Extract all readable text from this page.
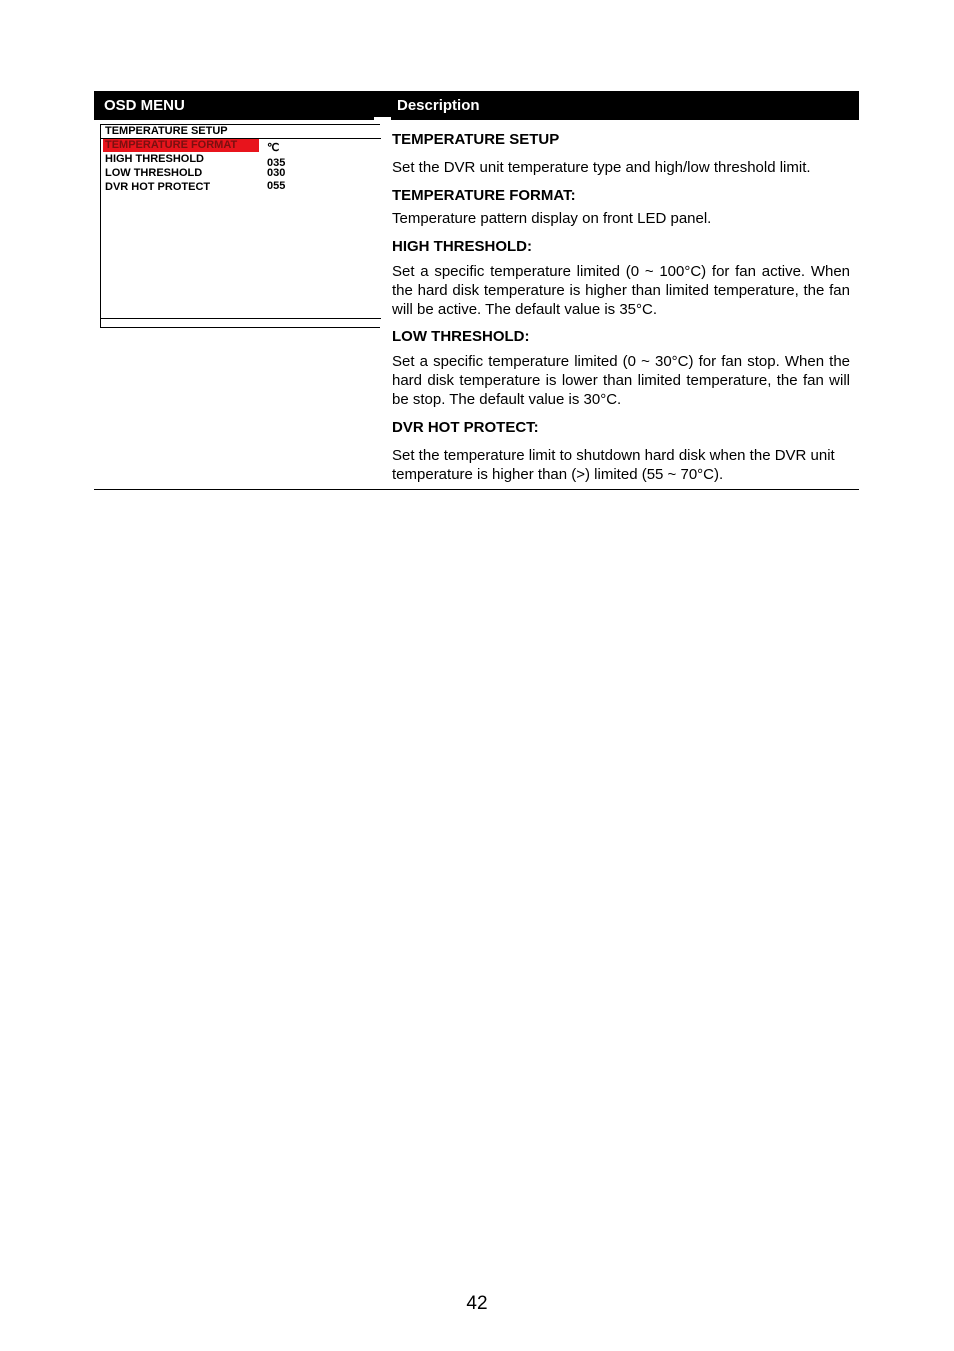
OSD MENU	Description
TEMPERATURE SETUP
TEMPERATURE FORMAT	℃
HIGH THRESHOLD	035
LOW THRESHOLD	030
DVR HOT PROTECT	055
TEMPERATURE SETUP
Set the DVR unit temperature type and high/low threshold limit.
TEMPERATURE FORMAT:
Temperature pattern display on front LED panel.
HIGH THRESHOLD:
Set a specific temperature limited (0 ~ 100°C) for fan active. When the hard disk temperature is higher than limited temperature, the fan will be active. The default value is 35°C.
LOW THRESHOLD:
Set a specific temperature limited (0 ~ 30°C) for fan stop. When the hard disk temperature is lower than limited temperature, the fan will be stop. The default value is 30°C.
DVR HOT PROTECT:
Set the temperature limit to shutdown hard disk when the DVR unit temperature is higher than (>) limited (55 ~ 70°C).
42
